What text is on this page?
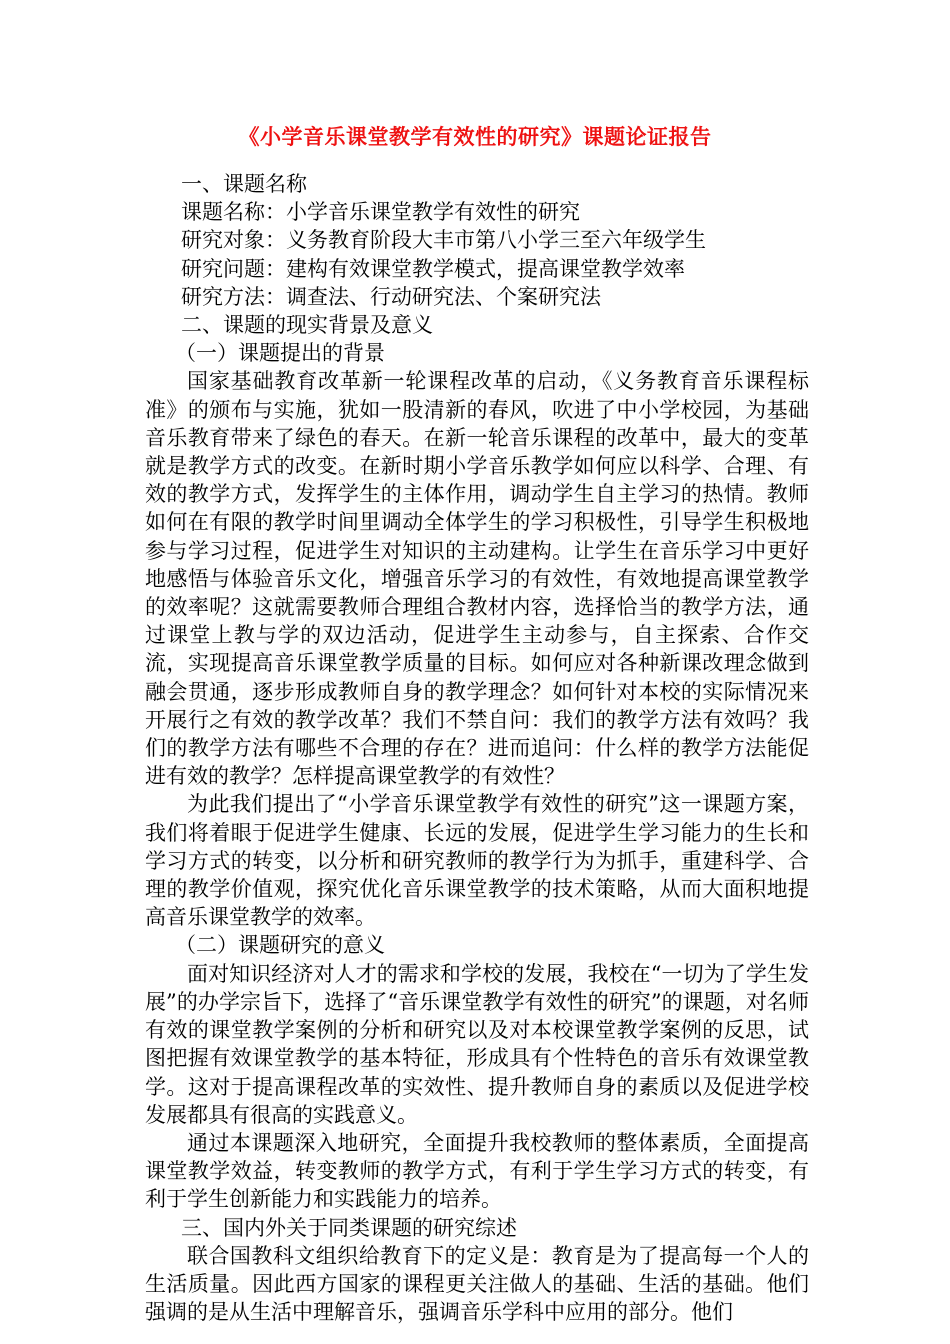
《小学音乐课堂教学有效性的研究》课题论证报告

一、课题名称

课题名称：小学音乐课堂教学有效性的研究

研究对象：义务教育阶段大丰市第八小学三至六年级学生

研究问题：建构有效课堂教学模式，提高课堂教学效率

研究方法：调查法、行动研究法、个案研究法

二、课题的现实背景及意义

（一）课题提出的背景

国家基础教育改革新一轮课程改革的启动，《义务教育音乐课程标准》的颁布与实施，犹如一股清新的春风，吹进了中小学校园，为基础音乐教育带来了绿色的春天。在新一轮音乐课程的改革中，最大的变革就是教学方式的改变。在新时期小学音乐教学如何应以科学、合理、有效的教学方式，发挥学生的主体作用，调动学生自主学习的热情。教师如何在有限的教学时间里调动全体学生的学习积极性，引导学生积极地参与学习过程，促进学生对知识的主动建构。让学生在音乐学习中更好地感悟与体验音乐文化，增强音乐学习的有效性，有效地提高课堂教学的效率呢？这就需要教师合理组合教材内容，选择恰当的教学方法，通过课堂上教与学的双边活动，促进学生主动参与，自主探索、合作交流，实现提高音乐课堂教学质量的目标。如何应对各种新课改理念做到融会贯通，逐步形成教师自身的教学理念？如何针对本校的实际情况来开展行之有效的教学改革？我们不禁自问：我们的教学方法有效吗？我们的教学方法有哪些不合理的存在？进而追问：什么样的教学方法能促进有效的教学？怎样提高课堂教学的有效性？

为此我们提出了“小学音乐课堂教学有效性的研究”这一课题方案，我们将着眼于促进学生健康、长远的发展，促进学生学习能力的生长和学习方式的转变，以分析和研究教师的教学行为为抓手，重建科学、合理的教学价值观，探究优化音乐课堂教学的技术策略，从而大面积地提高音乐课堂教学的效率。

（二）课题研究的意义

面对知识经济对人才的需求和学校的发展，我校在“一切为了学生发展”的办学宗旨下，选择了“音乐课堂教学有效性的研究”的课题，对名师有效的课堂教学案例的分析和研究以及对本校课堂教学案例的反思，试图把握有效课堂教学的基本特征，形成具有个性特色的音乐有效课堂教学。这对于提高课程改革的实效性、提升教师自身的素质以及促进学校发展都具有很高的实践意义。

通过本课题深入地研究，全面提升我校教师的整体素质，全面提高课堂教学效益，转变教师的教学方式，有利于学生学习方式的转变，有利于学生创新能力和实践能力的培养。

三、国内外关于同类课题的研究综述

联合国教科文组织给教育下的定义是：教育是为了提高每一个人的生活质量。因此西方国家的课程更关注做人的基础、生活的基础。他们强调的是从生活中理解音乐，强调音乐学科中应用的部分。他们
